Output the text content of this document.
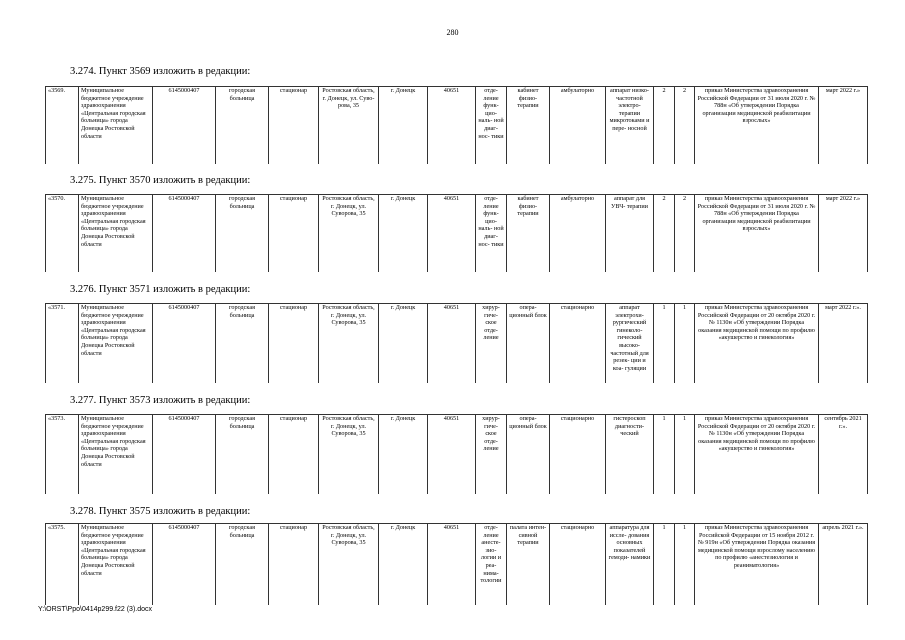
280
3.274. Пункт 3569 изложить в редакции:
«3569.	Муниципальное бюджетное учреждение здравоохранения «Центральная городская больница» города Донецка Ростовской области	6145000407	городская больница	стационар	Ростовская область, г. Донецк, ул. Суво- рова, 35	г. Донецк	40651	отде- ление функ- цио- наль- ной диаг- нос- тики	кабинет физио- терапии	амбулаторно	аппарат низко- частотной электро- терапии микротоками и пере- носной	2	2	приказ Министерства здравоохранения Российской Федерации от 31 июля 2020 г. № 788н «Об утверждении Порядка организации медицинской реабилитации взрослых»	март 2022 г.»
3.275. Пункт 3570 изложить в редакции:
«3570.	Муниципальное бюджетное учреждение здравоохранения «Центральная городская больница» города Донецка Ростовской области	6145000407	городская больница	стационар	Ростовская область, г. Донецк, ул. Суворова, 35	г. Донецк	40651	отде- ление функ- цио- наль- ной диаг- нос- тики	кабинет физио- терапии	амбулаторно	аппарат для УВЧ- терапии	2	2	приказ Министерства здравоохранения Российской Федерации от 31 июля 2020 г. № 788н «Об утверждении Порядка организации медицинской реабилитации взрослых»	март 2022 г.»
3.276. Пункт 3571 изложить в редакции:
«3571.	Муниципальное бюджетное учреждение здравоохранения «Центральная городская больница» города Донецка Ростовской области	6145000407	городская больница	стационар	Ростовская область, г. Донецк, ул. Суворова, 35	г. Донецк	40651	хирур- гиче- ское отде- ление	опера- ционный блок	стационарно	аппарат электрохи- рургический гинеколо- гический высоко- частотный для резек- ции и коа- гуляции	1	1	приказ Министерства здравоохранения Российской Федерации от 20 октября 2020 г. № 1130н «Об утверждении Порядка оказания медицинской помощи по профилю «акушерство и гинекология»	март 2022 г.».
3.277. Пункт 3573 изложить в редакции:
«3573.	Муниципальное бюджетное учреждение здравоохранения «Центральная городская больница» города Донецка Ростовской области	6145000407	городская больница	стационар	Ростовская область, г. Донецк, ул. Суворова, 35	г. Донецк	40651	хирур- гиче- ское отде- ление	опера- ционный блок	стационарно	гистероскоп диагности- ческий	1	1	приказ Министерства здравоохранения Российской Федерации от 20 октября 2020 г. № 1130н «Об утверждении Порядка оказания медицинской помощи по профилю «акушерство и гинекология»	сентябрь 2021 г.».
3.278. Пункт 3575 изложить в редакции:
«3575.	Муниципальное бюджетное учреждение здравоохранения «Центральная городская больница» города Донецка Ростовской области	6145000407	городская больница	стационар	Ростовская область, г. Донецк, ул. Суворова, 35	г. Донецк	40651	отде- ление анесте- зио- логии и реа- нима- тологии	палата интен- сивной терапии	стационарно	аппаратура для иссле- дования основных показателей гемоди- намики	1	1	приказ Министерства здравоохранения Российской Федерации от 15 ноября 2012 г. № 919н «Об утверждении Порядка оказания медицинской помощи взрослому населению по профилю «анестезиология и реаниматология»	апрель 2021 г.».
Y:\ORST\Ppo\0414p299.f22 (3).docx
